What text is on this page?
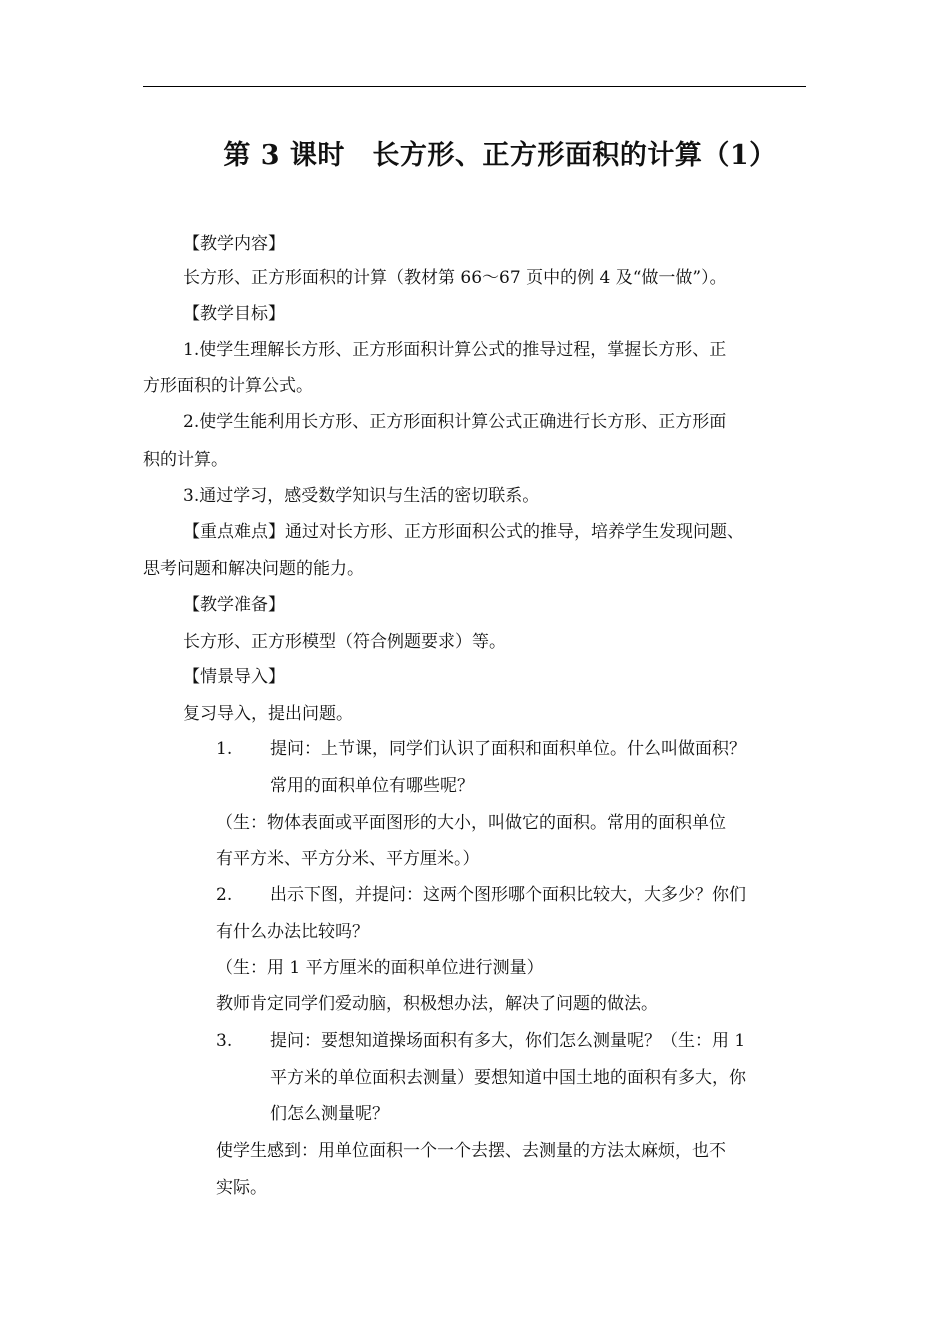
第 3 课时　长方形、正方形面积的计算（1）
【教学内容】
长方形、正方形面积的计算（教材第 66～67 页中的例 4 及“做一做”）。
【教学目标】
1.使学生理解长方形、正方形面积计算公式的推导过程，掌握长方形、正
方形面积的计算公式。
2.使学生能利用长方形、正方形面积计算公式正确进行长方形、正方形面
积的计算。
3.通过学习，感受数学知识与生活的密切联系。
【重点难点】通过对长方形、正方形面积公式的推导，培养学生发现问题、
思考问题和解决问题的能力。
【教学准备】
长方形、正方形模型（符合例题要求）等。
【情景导入】
复习导入，提出问题。
1. 提问：上节课，同学们认识了面积和面积单位。什么叫做面积？
常用的面积单位有哪些呢？
（生：物体表面或平面图形的大小，叫做它的面积。常用的面积单位
有平方米、平方分米、平方厘米。）
2. 出示下图，并提问：这两个图形哪个面积比较大，大多少？你们
有什么办法比较吗？
（生：用 1 平方厘米的面积单位进行测量）
教师肯定同学们爱动脑，积极想办法，解决了问题的做法。
3. 提问：要想知道操场面积有多大，你们怎么测量呢？（生：用 1
平方米的单位面积去测量）要想知道中国土地的面积有多大，你
们怎么测量呢？
使学生感到：用单位面积一个一个去摆、去测量的方法太麻烦，也不
实际。
